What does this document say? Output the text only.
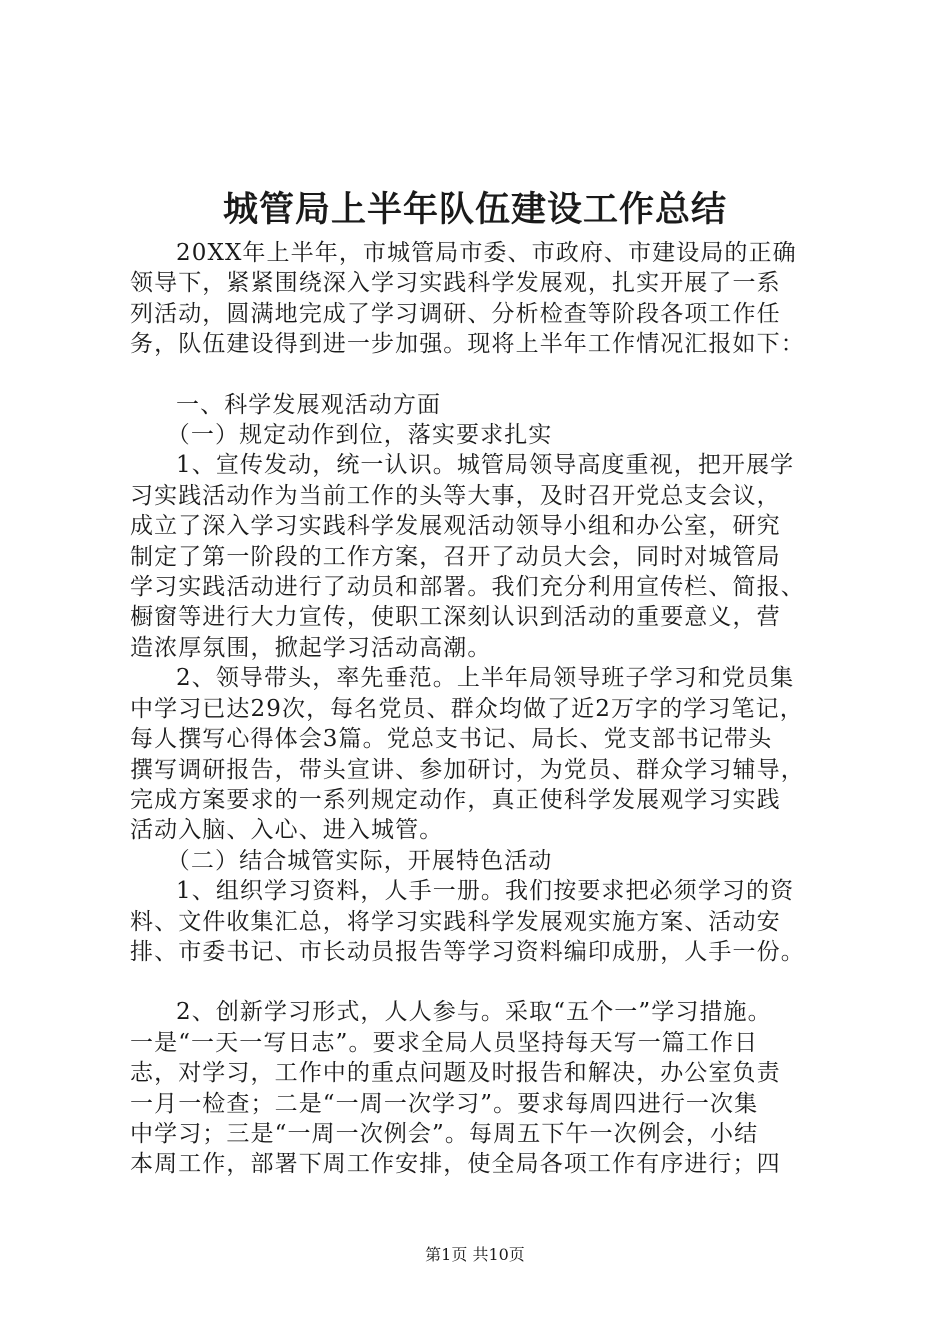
城管局上半年队伍建设工作总结

20XX年上半年，市城管局市委、市政府、市建设局的正确
领导下，紧紧围绕深入学习实践科学发展观，扎实开展了一系
列活动，圆满地完成了学习调研、分析检查等阶段各项工作任
务，队伍建设得到进一步加强。现将上半年工作情况汇报如下：

一、科学发展观活动方面

（一）规定动作到位，落实要求扎实

1、宣传发动，统一认识。城管局领导高度重视，把开展学
习实践活动作为当前工作的头等大事，及时召开党总支会议，
成立了深入学习实践科学发展观活动领导小组和办公室，研究
制定了第一阶段的工作方案，召开了动员大会，同时对城管局
学习实践活动进行了动员和部署。我们充分利用宣传栏、简报、
橱窗等进行大力宣传，使职工深刻认识到活动的重要意义，营
造浓厚氛围，掀起学习活动高潮。

2、领导带头，率先垂范。上半年局领导班子学习和党员集
中学习已达29次，每名党员、群众均做了近2万字的学习笔记，
每人撰写心得体会3篇。党总支书记、局长、党支部书记带头
撰写调研报告，带头宣讲、参加研讨，为党员、群众学习辅导，
完成方案要求的一系列规定动作，真正使科学发展观学习实践
活动入脑、入心、进入城管。

（二）结合城管实际，开展特色活动

1、组织学习资料，人手一册。我们按要求把必须学习的资
料、文件收集汇总，将学习实践科学发展观实施方案、活动安
排、市委书记、市长动员报告等学习资料编印成册，人手一份。

2、创新学习形式，人人参与。采取“五个一”学习措施。
一是“一天一写日志”。要求全局人员坚持每天写一篇工作日
志，对学习，工作中的重点问题及时报告和解决，办公室负责
一月一检查；二是“一周一次学习”。要求每周四进行一次集
中学习；三是“一周一次例会”。每周五下午一次例会，小结
本周工作，部署下周工作安排，使全局各项工作有序进行；四

第1页 共10页
